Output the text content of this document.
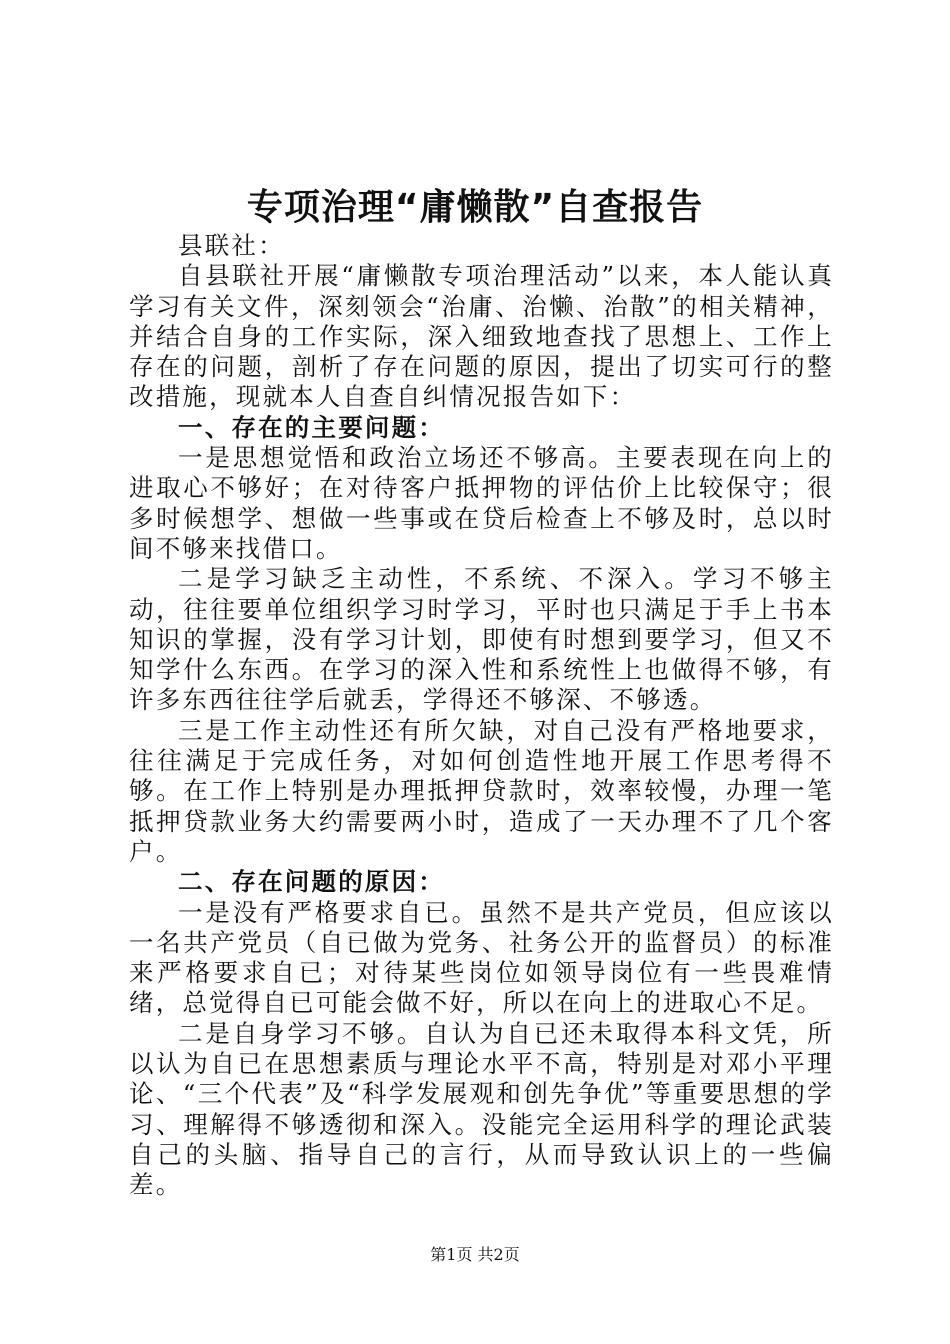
专项治理“庸懒散”自查报告

县联社：

自县联社开展“庸懒散专项治理活动”以来，本人能认真学习有关文件，深刻领会“治庸、治懒、治散”的相关精神，并结合自身的工作实际，深入细致地查找了思想上、工作上存在的问题，剖析了存在问题的原因，提出了切实可行的整改措施，现就本人自查自纠情况报告如下：

一、存在的主要问题：

一是思想觉悟和政治立场还不够高。主要表现在向上的进取心不够好；在对待客户抵押物的评估价上比较保守；很多时候想学、想做一些事或在贷后检查上不够及时，总以时间不够来找借口。

二是学习缺乏主动性，不系统、不深入。学习不够主动，往往要单位组织学习时学习，平时也只满足于手上书本知识的掌握，没有学习计划，即使有时想到要学习，但又不知学什么东西。在学习的深入性和系统性上也做得不够，有许多东西往往学后就丢，学得还不够深、不够透。

三是工作主动性还有所欠缺，对自己没有严格地要求，往往满足于完成任务，对如何创造性地开展工作思考得不够。在工作上特别是办理抵押贷款时，效率较慢，办理一笔抵押贷款业务大约需要两小时，造成了一天办理不了几个客户。

二、存在问题的原因：

一是没有严格要求自已。虽然不是共产党员，但应该以一名共产党员（自已做为党务、社务公开的监督员）的标准来严格要求自已；对待某些岗位如领导岗位有一些畏难情绪，总觉得自已可能会做不好，所以在向上的进取心不足。

二是自身学习不够。自认为自已还未取得本科文凭，所以认为自已在思想素质与理论水平不高，特别是对邓小平理论、“三个代表”及“科学发展观和创先争优”等重要思想的学习、理解得不够透彻和深入。没能完全运用科学的理论武装自己的头脑、指导自己的言行，从而导致认识上的一些偏差。

第1页 共2页
